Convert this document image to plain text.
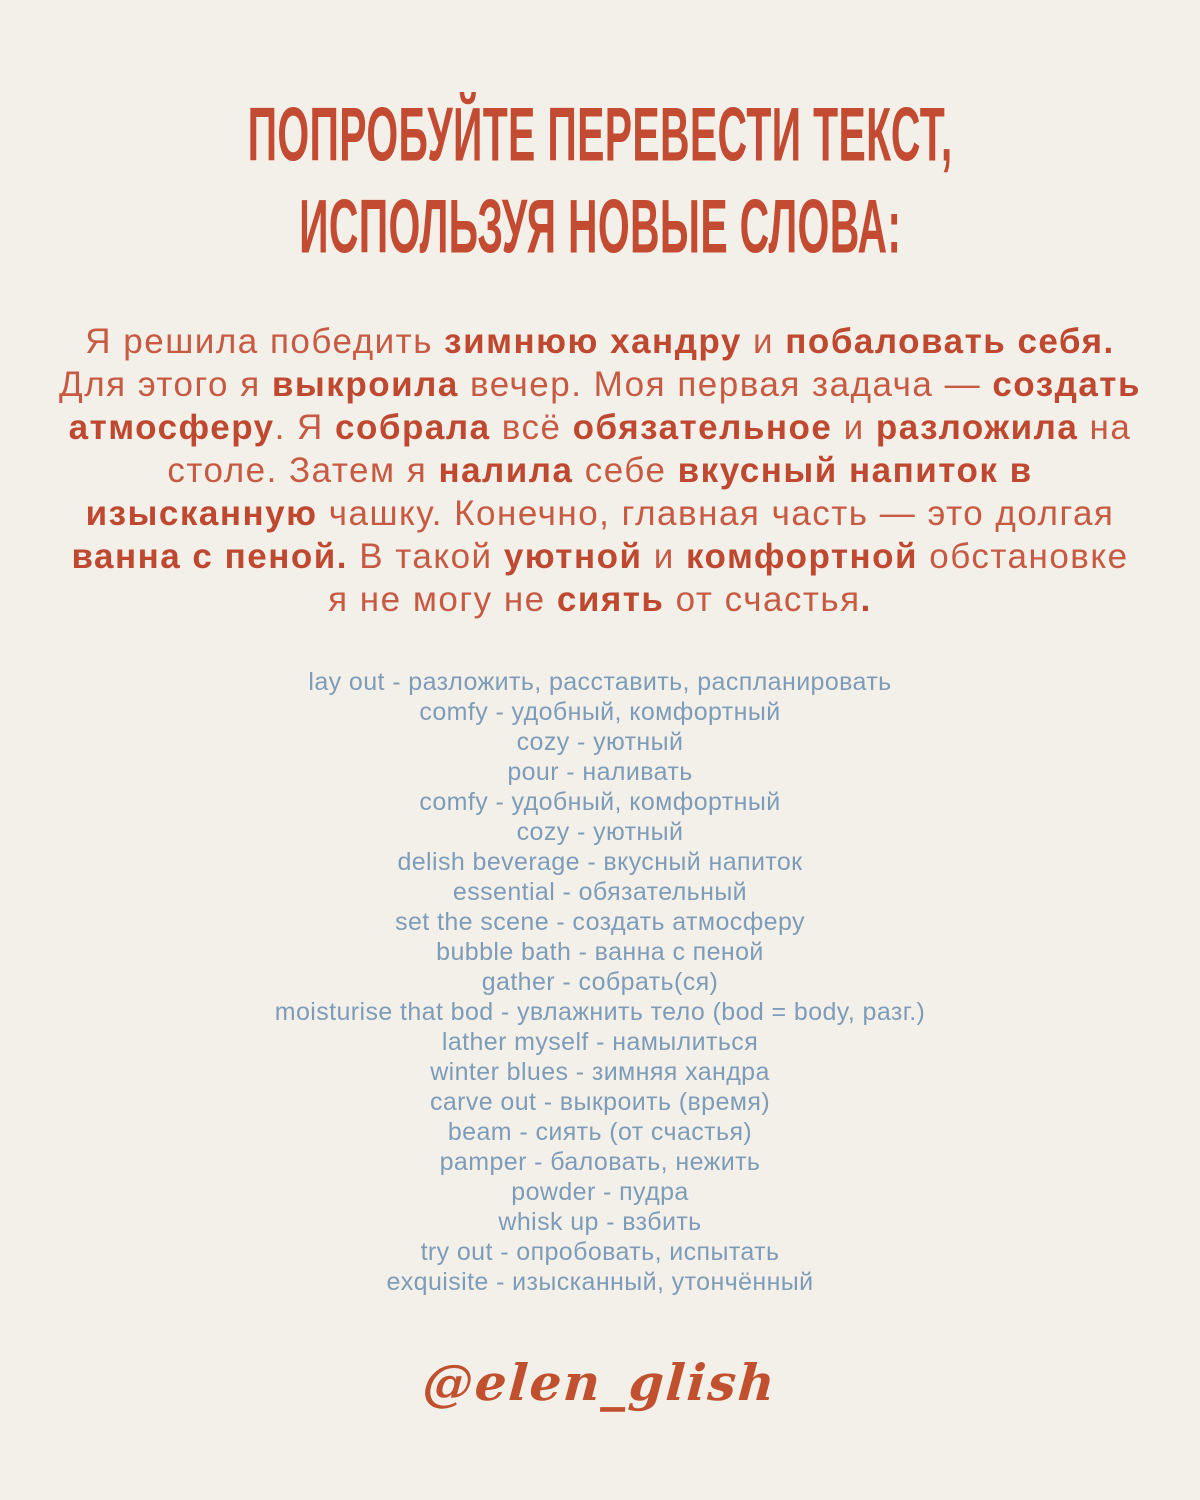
ПОПРОБУЙТЕ ПЕРЕВЕСТИ ТЕКСТ,
ИСПОЛЬЗУЯ НОВЫЕ СЛОВА:
Я решила победить зимнюю хандру и побаловать себя. Для этого я выкроила вечер. Моя первая задача — создать атмосферу. Я собрала всё обязательное и разложила на столе. Затем я налила себе вкусный напиток в изысканную чашку. Конечно, главная часть — это долгая ванна с пеной. В такой уютной и комфортной обстановке я не могу не сиять от счастья.
lay out - разложить, расставить, распланировать
comfy - удобный, комфортный
cozy - уютный
pour - наливать
comfy - удобный, комфортный
cozy - уютный
delish beverage - вкусный напиток
essential - обязательный
set the scene - создать атмосферу
bubble bath - ванна с пеной
gather - собрать(ся)
moisturise that bod - увлажнить тело (bod = body, разг.)
lather myself - намылиться
winter blues - зимняя хандра
carve out - выкроить (время)
beam - сиять (от счастья)
pamper - баловать, нежить
powder - пудра
whisk up - взбить
try out - опробовать, испытать
exquisite - изысканный, утончённый
@elen_glish
